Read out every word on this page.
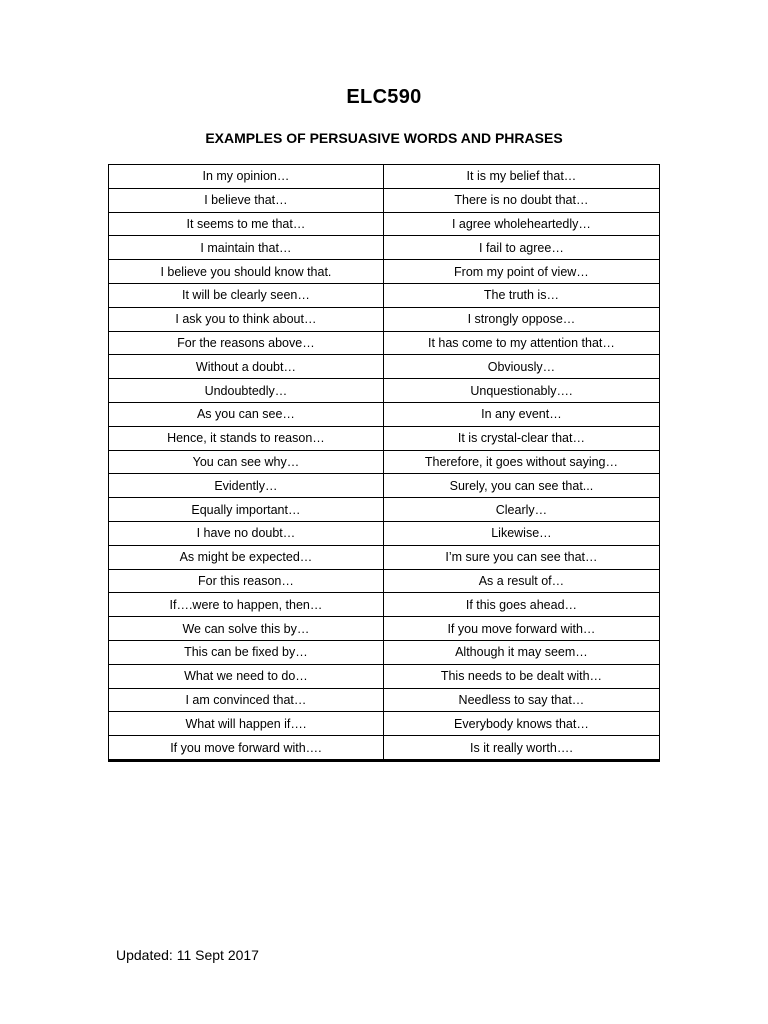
ELC590
EXAMPLES OF PERSUASIVE WORDS AND PHRASES
In my opinion…	It is my belief that…
I believe that…	There is no doubt that…
It seems to me that…	I agree wholeheartedly…
I maintain that…	I fail to agree…
I believe you should know that.	From my point of view…
It will be clearly seen…	The truth is…
I ask you to think about…	I strongly oppose…
For the reasons above…	It has come to my attention that…
Without a doubt…	Obviously…
Undoubtedly…	Unquestionably….
As you can see…	In any event…
Hence, it stands to reason…	It is crystal-clear that…
You can see why…	Therefore, it goes without saying…
Evidently…	Surely, you can see that...
Equally important…	Clearly…
I have no doubt…	Likewise…
As might be expected…	I’m sure you can see that…
For this reason…	As a result of…
If….were to happen, then…	If this goes ahead…
We can solve this by…	If you move forward with…
This can be fixed by…	Although it may seem…
What we need to do…	This needs to be dealt with…
I am convinced that…	Needless to say that…
What will happen if….	Everybody knows that…
If you move forward with….	Is it really worth….
Updated: 11 Sept 2017
